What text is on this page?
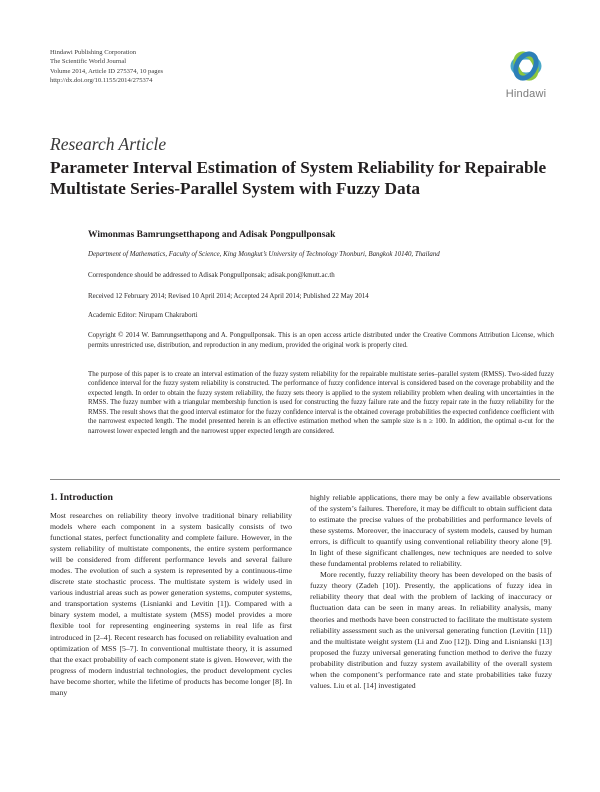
Hindawi Publishing Corporation
The Scientific World Journal
Volume 2014, Article ID 275374, 10 pages
http://dx.doi.org/10.1155/2014/275374
Hindawi
Research Article
Parameter Interval Estimation of System Reliability for Repairable Multistate Series-Parallel System with Fuzzy Data
Wimonmas Bamrungsetthapong and Adisak Pongpullponsak
Department of Mathematics, Faculty of Science, King Mongkut’s University of Technology Thonburi, Bangkok 10140, Thailand
Correspondence should be addressed to Adisak Pongpullponsak; adisak.pon@kmutt.ac.th
Received 12 February 2014; Revised 10 April 2014; Accepted 24 April 2014; Published 22 May 2014
Academic Editor: Nirupam Chakraborti
Copyright © 2014 W. Bamrungsetthapong and A. Pongpullponsak. This is an open access article distributed under the Creative Commons Attribution License, which permits unrestricted use, distribution, and reproduction in any medium, provided the original work is properly cited.
The purpose of this paper is to create an interval estimation of the fuzzy system reliability for the repairable multistate series–parallel system (RMSS). Two-sided fuzzy confidence interval for the fuzzy system reliability is constructed. The performance of fuzzy confidence interval is considered based on the coverage probability and the expected length. In order to obtain the fuzzy system reliability, the fuzzy sets theory is applied to the system reliability problem when dealing with uncertainties in the RMSS. The fuzzy number with a triangular membership function is used for constructing the fuzzy failure rate and the fuzzy repair rate in the fuzzy reliability for the RMSS. The result shows that the good interval estimator for the fuzzy confidence interval is the obtained coverage probabilities the expected confidence coefficient with the narrowest expected length. The model presented herein is an effective estimation method when the sample size is n ≥ 100. In addition, the optimal α-cut for the narrowest lower expected length and the narrowest upper expected length are considered.
1. Introduction

Most researches on reliability theory involve traditional binary reliability models where each component in a system basically consists of two functional states, perfect functionality and complete failure. However, in the system reliability of multistate components, the entire system performance will be considered from different performance levels and several failure modes. The evolution of such a system is represented by a continuous-time discrete state stochastic process. The multistate system is widely used in various industrial areas such as power generation systems, computer systems, and transportation systems (Lisnianki and Levitin [1]). Compared with a binary system model, a multistate system (MSS) model provides a more flexible tool for representing engineering systems in real life as first introduced in [2–4]. Recent research has focused on reliability evaluation and optimization of MSS [5–7]. In conventional multistate theory, it is assumed that the exact probability of each component state is given. However, with the progress of modern industrial technologies, the product development cycles have become shorter, while the lifetime of products has become longer [8]. In many

highly reliable applications, there may be only a few available observations of the system’s failures. Therefore, it may be difficult to obtain sufficient data to estimate the precise values of the probabilities and performance levels of these systems. Moreover, the inaccuracy of system models, caused by human errors, is difficult to quantify using conventional reliability theory alone [9]. In light of these significant challenges, new techniques are needed to solve these fundamental problems related to reliability.

More recently, fuzzy reliability theory has been developed on the basis of fuzzy theory (Zadeh [10]). Presently, the applications of fuzzy idea in reliability theory that deal with the problem of lacking of inaccuracy or fluctuation data can be seen in many areas. In reliability analysis, many theories and methods have been constructed to facilitate the multistate system reliability assessment such as the universal generating function (Levitin [11]) and the multistate weight system (Li and Zuo [12]). Ding and Lisnianski [13] proposed the fuzzy universal generating function method to derive the fuzzy probability distribution and fuzzy system availability of the overall system when the component’s performance rate and state probabilities take fuzzy values. Liu et al. [14] investigated
